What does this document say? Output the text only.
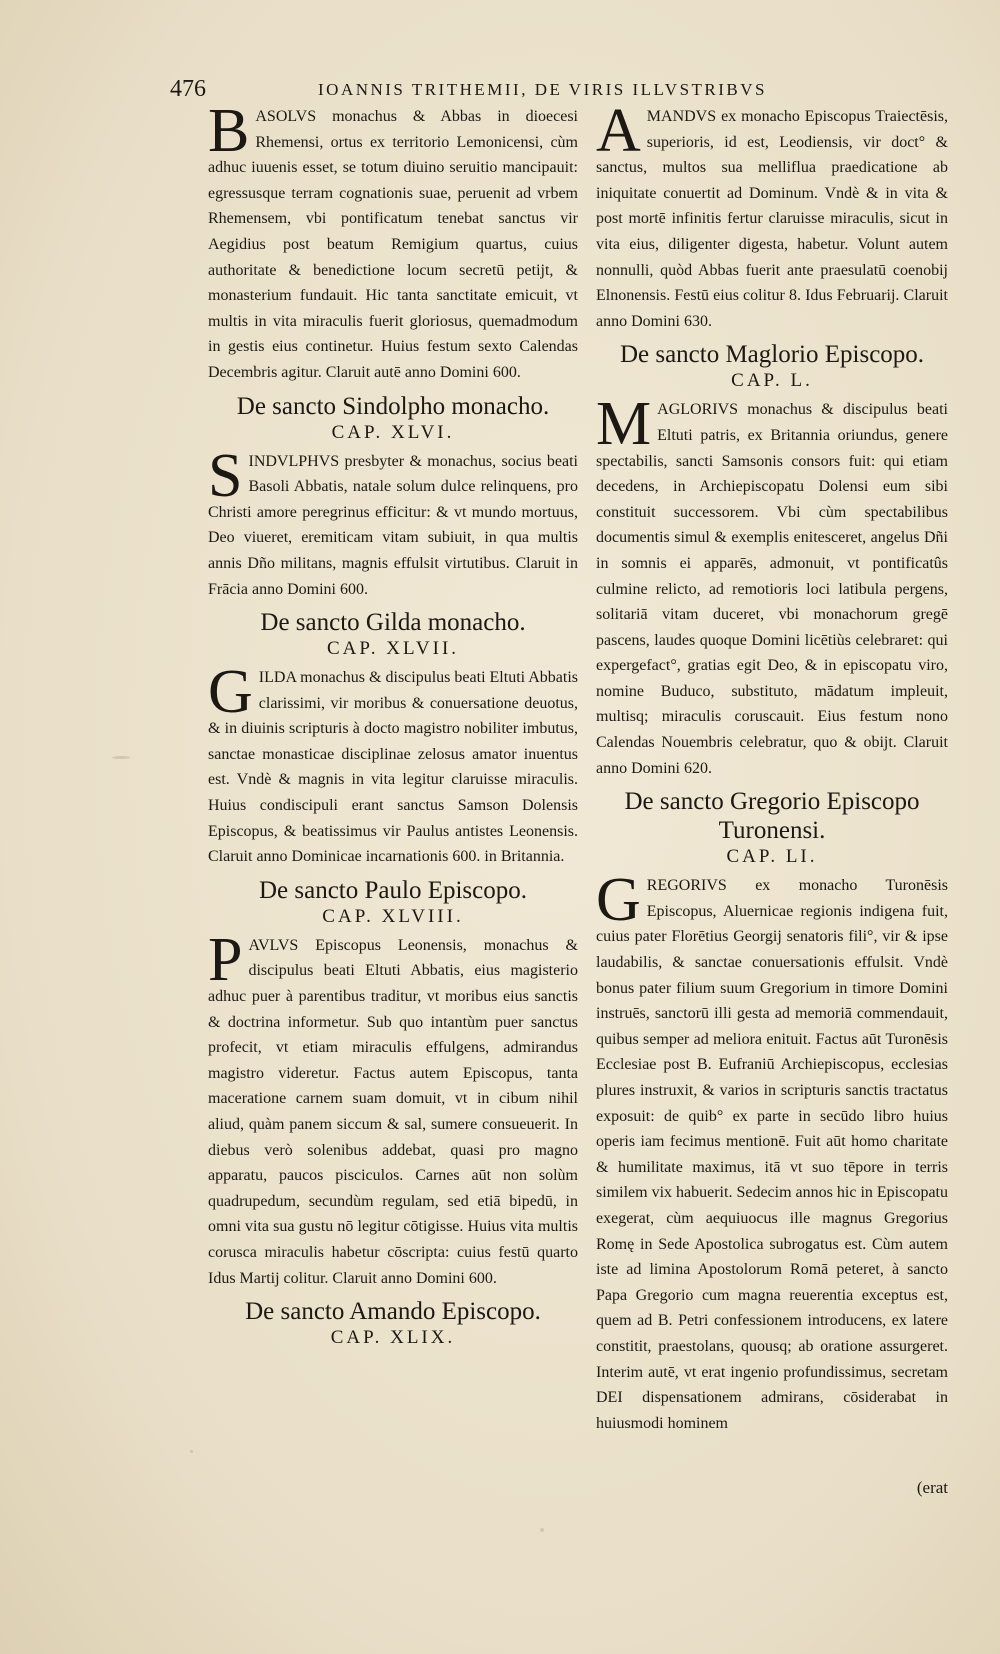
476	IOANNIS TRITHEMII, DE VIRIS ILLVSTRIBVS

BASOLVS monachus & Abbas in dioecesi Rhemensi, ortus ex territorio Lemonicensi, cùm adhuc iuuenis esset, se totum diuino seruitio mancipauit: egressusque terram cognationis suae, peruenit ad vrbem Rhemensem, vbi pontificatum tenebat sanctus vir Aegidius post beatum Remigium quartus, cuius authoritate & benedictione locum secretū petijt, & monasterium fundauit. Hic tanta sanctitate emicuit, vt multis in vita miraculis fuerit gloriosus, quemadmodum in gestis eius continetur. Huius festum sexto Calendas Decembris agitur. Claruit autē anno Domini 600.

De sancto Sindolpho monacho.
CAP. XLVI.

SINDVLPHVS presbyter & monachus, socius beati Basoli Abbatis, natale solum dulce relinquens, pro Christi amore peregrinus efficitur: & vt mundo mortuus, Deo viueret, eremiticam vitam subiuit, in qua multis annis Dño militans, magnis effulsit virtutibus. Claruit in Frācia anno Domini 600.

De sancto Gilda monacho.
CAP. XLVII.

GILDA monachus & discipulus beati Eltuti Abbatis clarissimi, vir moribus & conuersatione deuotus, & in diuinis scripturis à docto magistro nobiliter imbutus, sanctae monasticae disciplinae zelosus amator inuentus est. Vndè & magnis in vita legitur claruisse miraculis. Huius condiscipuli erant sanctus Samson Dolensis Episcopus, & beatissimus vir Paulus antistes Leonensis. Claruit anno Dominicae incarnationis 600. in Britannia.

De sancto Paulo Episcopo.
CAP. XLVIII.

PAVLVS Episcopus Leonensis, monachus & discipulus beati Eltuti Abbatis, eius magisterio adhuc puer à parentibus traditur, vt moribus eius sanctis & doctrina informetur. Sub quo intantùm puer sanctus profecit, vt etiam miraculis effulgens, admirandus magistro videretur. Factus autem Episcopus, tanta maceratione carnem suam domuit, vt in cibum nihil aliud, quàm panem siccum & sal, sumere consueuerit. In diebus verò solenibus addebat, quasi pro magno apparatu, paucos pisciculos. Carnes aūt non solùm quadrupedum, secundùm regulam, sed etiā bipedū, in omni vita sua gustu nō legitur cōtigisse. Huius vita multis corusca miraculis habetur cōscripta: cuius festū quarto Idus Martij colitur. Claruit anno Domini 600.

De sancto Amando Episcopo.
CAP. XLIX.

AMANDVS ex monacho Episcopus Traiectēsis, superioris, id est, Leodiensis, vir doct° & sanctus, multos sua melliflua praedicatione ab iniquitate conuertit ad Dominum. Vndè & in vita & post mortē infinitis fertur claruisse miraculis, sicut in vita eius, diligenter digesta, habetur. Volunt autem nonnulli, quòd Abbas fuerit ante praesulatū coenobij Elnonensis. Festū eius colitur 8. Idus Februarij. Claruit anno Domini 630.

De sancto Maglorio Episcopo.
CAP. L.

MAGLORIVS monachus & discipulus beati Eltuti patris, ex Britannia oriundus, genere spectabilis, sancti Samsonis consors fuit: qui etiam decedens, in Archiepiscopatu Dolensi eum sibi constituit successorem. Vbi cùm spectabilibus documentis simul & exemplis enitesceret, angelus Dñi in somnis ei apparēs, admonuit, vt pontificatûs culmine relicto, ad remotioris loci latibula pergens, solitariā vitam duceret, vbi monachorum gregē pascens, laudes quoque Domini licētiùs celebraret: qui expergefact°, gratias egit Deo, & in episcopatu viro, nomine Buduco, substituto, mādatum impleuit, multisq; miraculis coruscauit. Eius festum nono Calendas Nouembris celebratur, quo & obijt. Claruit anno Domini 620.

De sancto Gregorio Episcopo Turonensi.
CAP. LI.

GREGORIVS ex monacho Turonēsis Episcopus, Aluernicae regionis indigena fuit, cuius pater Florētius Georgij senatoris fili°, vir & ipse laudabilis, & sanctae conuersationis effulsit. Vndè bonus pater filium suum Gregorium in timore Domini instruēs, sanctorū illi gesta ad memoriā commendauit, quibus semper ad meliora enituit. Factus aūt Turonēsis Ecclesiae post B. Eufraniū Archiepiscopus, ecclesias plures instruxit, & varios in scripturis sanctis tractatus exposuit: de quib° ex parte in secūdo libro huius operis iam fecimus mentionē. Fuit aūt homo charitate & humilitate maximus, itā vt suo tēpore in terris similem vix habuerit. Sedecim annos hic in Episcopatu exegerat, cùm aequiuocus ille magnus Gregorius Romę in Sede Apostolica subrogatus est. Cùm autem iste ad limina Apostolorum Romā peteret, à sancto Papa Gregorio cum magna reuerentia exceptus est, quem ad B. Petri confessionem introducens, ex latere constitit, praestolans, quousq; ab oratione assurgeret. Interim autē, vt erat ingenio profundissimus, secretam DEI dispensationem admirans, cōsiderabat in huiusmodi hominem

(erat
